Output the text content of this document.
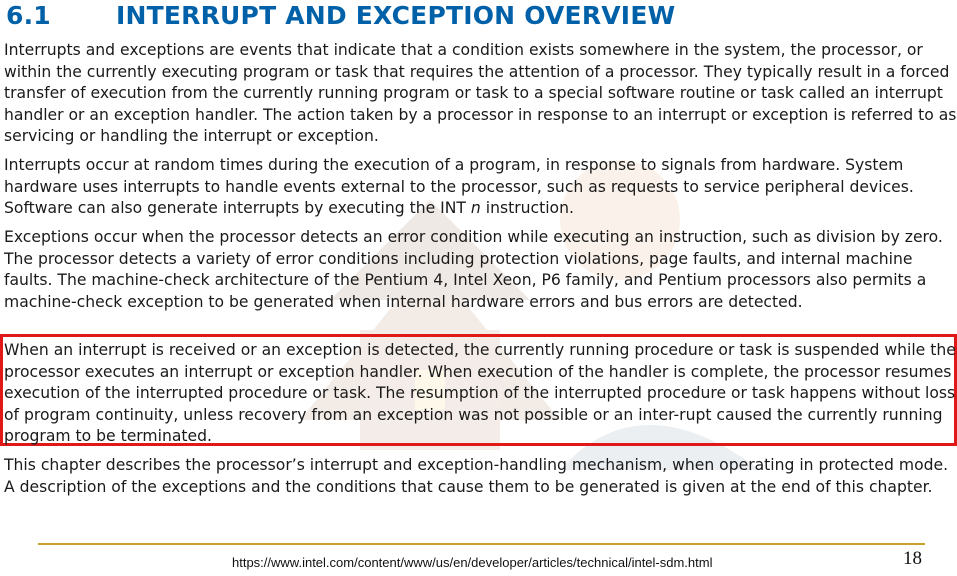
6.1	INTERRUPT AND EXCEPTION OVERVIEW

Interrupts and exceptions are events that indicate that a condition exists somewhere in the system, the processor, or within the currently executing program or task that requires the attention of a processor. They typically result in a forced transfer of execution from the currently running program or task to a special software routine or task called an interrupt handler or an exception handler. The action taken by a processor in response to an interrupt or exception is referred to as servicing or handling the interrupt or exception.

Interrupts occur at random times during the execution of a program, in response to signals from hardware. System hardware uses interrupts to handle events external to the processor, such as requests to service peripheral devices. Software can also generate interrupts by executing the INT n instruction.

Exceptions occur when the processor detects an error condition while executing an instruction, such as division by zero. The processor detects a variety of error conditions including protection violations, page faults, and internal machine faults. The machine-check architecture of the Pentium 4, Intel Xeon, P6 family, and Pentium processors also permits a machine-check exception to be generated when internal hardware errors and bus errors are detected.

When an interrupt is received or an exception is detected, the currently running procedure or task is suspended while the processor executes an interrupt or exception handler. When execution of the handler is complete, the processor resumes execution of the interrupted procedure or task. The resumption of the interrupted procedure or task happens without loss of program continuity, unless recovery from an exception was not possible or an inter-rupt caused the currently running program to be terminated.

This chapter describes the processor’s interrupt and exception-handling mechanism, when operating in protected mode. A description of the exceptions and the conditions that cause them to be generated is given at the end of this chapter.

https://www.intel.com/content/www/us/en/developer/articles/technical/intel-sdm.html	18
